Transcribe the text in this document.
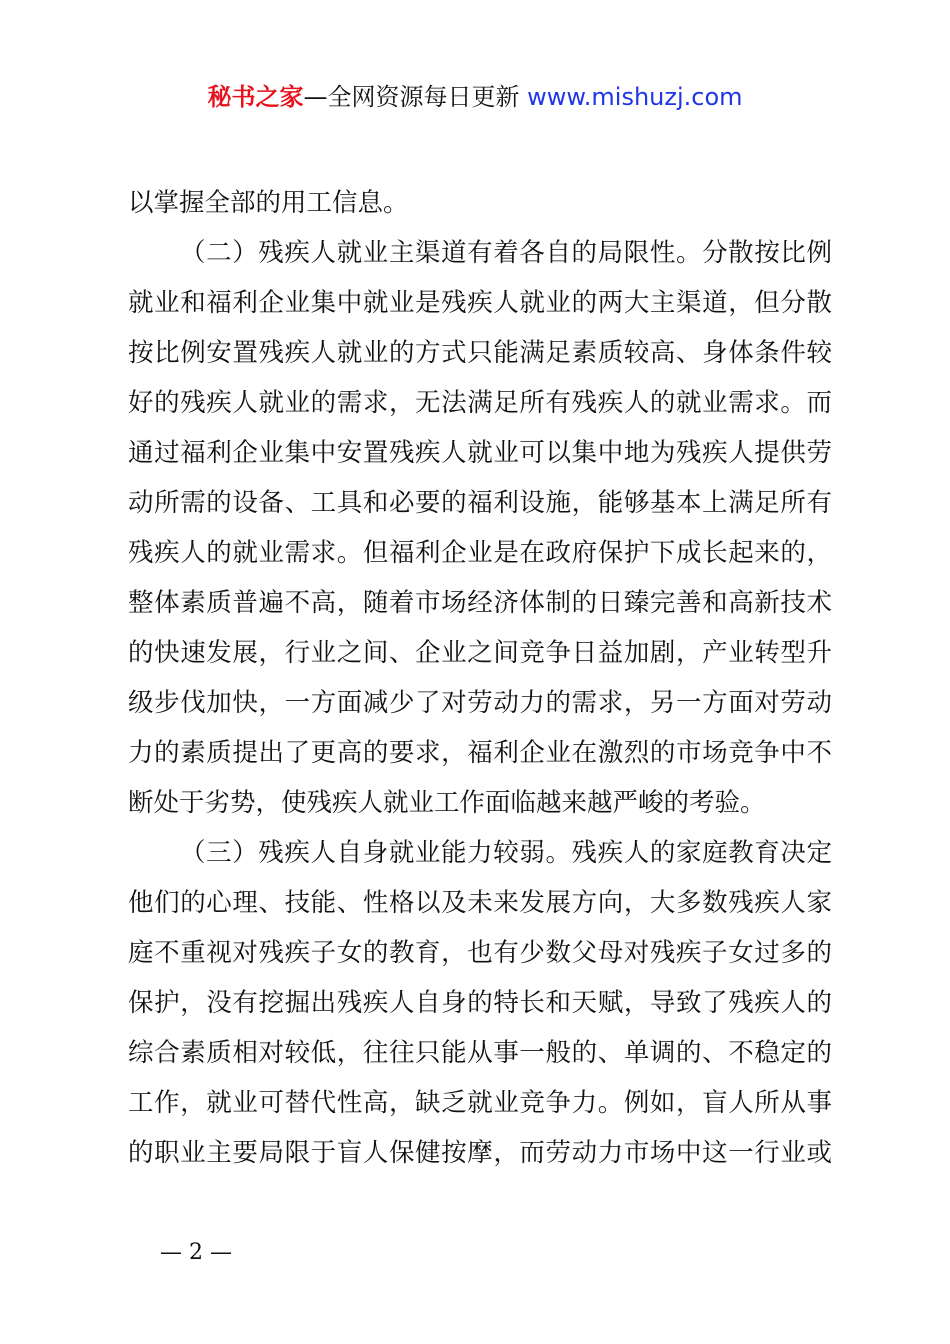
秘书之家—全网资源每日更新 www.mishuzj.com
以掌握全部的用工信息。
（二）残疾人就业主渠道有着各自的局限性。分散按比例
就业和福利企业集中就业是残疾人就业的两大主渠道，但分散
按比例安置残疾人就业的方式只能满足素质较高、身体条件较
好的残疾人就业的需求，无法满足所有残疾人的就业需求。而
通过福利企业集中安置残疾人就业可以集中地为残疾人提供劳
动所需的设备、工具和必要的福利设施，能够基本上满足所有
残疾人的就业需求。但福利企业是在政府保护下成长起来的，
整体素质普遍不高，随着市场经济体制的日臻完善和高新技术
的快速发展，行业之间、企业之间竞争日益加剧，产业转型升
级步伐加快，一方面减少了对劳动力的需求，另一方面对劳动
力的素质提出了更高的要求，福利企业在激烈的市场竞争中不
断处于劣势，使残疾人就业工作面临越来越严峻的考验。
（三）残疾人自身就业能力较弱。残疾人的家庭教育决定
他们的心理、技能、性格以及未来发展方向，大多数残疾人家
庭不重视对残疾子女的教育，也有少数父母对残疾子女过多的
保护，没有挖掘出残疾人自身的特长和天赋，导致了残疾人的
综合素质相对较低，往往只能从事一般的、单调的、不稳定的
工作，就业可替代性高，缺乏就业竞争力。例如，盲人所从事
的职业主要局限于盲人保健按摩，而劳动力市场中这一行业或
— 2 —
